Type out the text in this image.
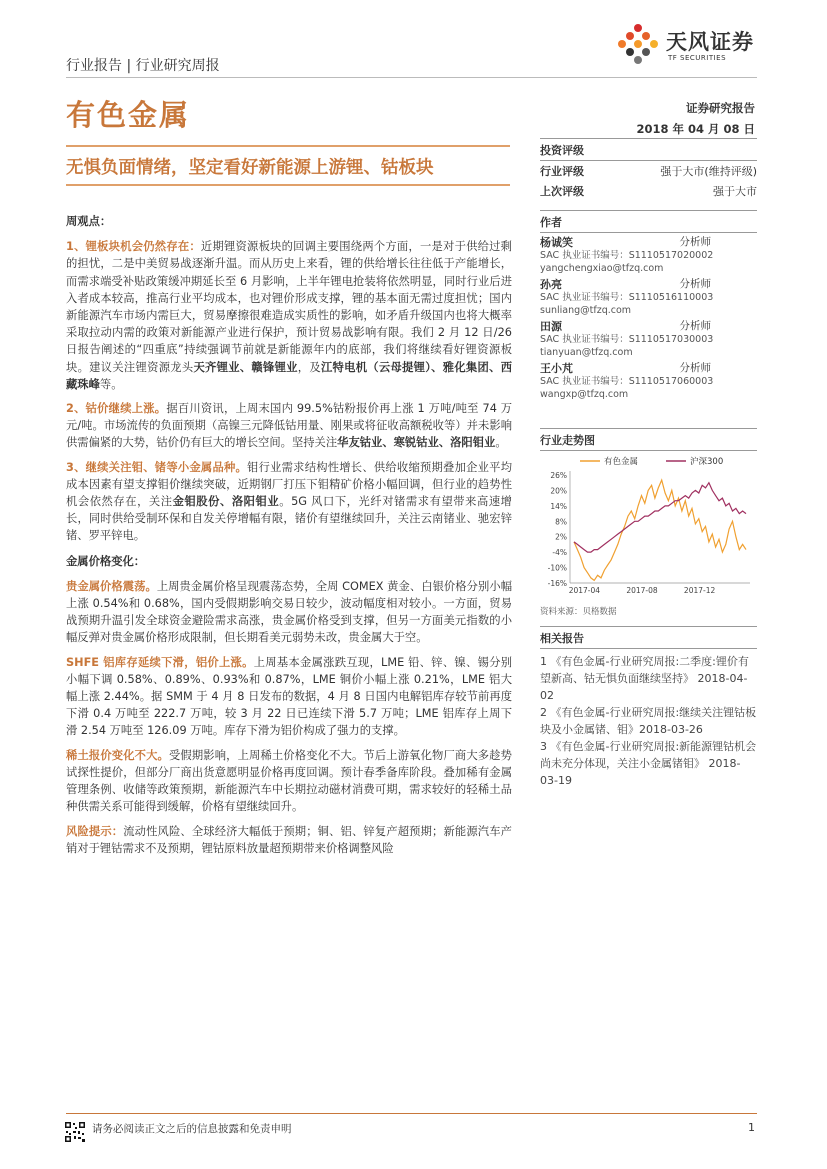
行业报告 | 行业研究周报
天风证券
TF SECURITIES
有色金属	证券研究报告
2018 年 04 月 08 日
无惧负面情绪，坚定看好新能源上游锂、钴板块
周观点：

1、锂板块机会仍然存在：近期锂资源板块的回调主要围绕两个方面，一是对于供给过剩的担忧，二是中美贸易战逐渐升温。而从历史上来看，锂的供给增长往往低于产能增长，而需求端受补贴政策缓冲期延长至 6 月影响，上半年锂电抢装将依然明显，同时行业后进入者成本较高，推高行业平均成本，也对锂价形成支撑，锂的基本面无需过度担忧；国内新能源汽车市场内需巨大，贸易摩擦很难造成实质性的影响，如矛盾升级国内也将大概率采取拉动内需的政策对新能源产业进行保护，预计贸易战影响有限。我们 2 月 12 日/26 日报告阐述的“四重底”持续强调节前就是新能源年内的底部，我们将继续看好锂资源板块。建议关注锂资源龙头天齐锂业、赣锋锂业，及江特电机（云母提锂）、雅化集团、西藏珠峰等。

2、钴价继续上涨。据百川资讯，上周末国内 99.5%钴粉报价再上涨 1 万吨/吨至 74 万元/吨。市场流传的负面预期（高镍三元降低钴用量、刚果或将征收高额税收等）并未影响供需偏紧的大势，钴价仍有巨大的增长空间。坚持关注华友钴业、寒锐钴业、洛阳钼业。

3、继续关注钼、锗等小金属品种。钼行业需求结构性增长、供给收缩预期叠加企业平均成本因素有望支撑钼价继续突破，近期钢厂打压下钼精矿价格小幅回调，但行业的趋势性机会依然存在，关注金钼股份、洛阳钼业。5G 风口下，光纤对锗需求有望带来高速增长，同时供给受制环保和自发关停增幅有限，锗价有望继续回升，关注云南锗业、驰宏锌锗、罗平锌电。

金属价格变化：

贵金属价格震荡。上周贵金属价格呈现震荡态势，全周 COMEX 黄金、白银价格分别小幅上涨 0.54%和 0.68%，国内受假期影响交易日较少，波动幅度相对较小。一方面，贸易战预期升温引发全球资金避险需求高涨，贵金属价格受到支撑，但另一方面美元指数的小幅反弹对贵金属价格形成限制，但长期看美元弱势未改，贵金属大于空。

SHFE 铝库存延续下滑，铝价上涨。上周基本金属涨跌互现，LME 铅、锌、镍、锡分别小幅下调 0.58%、0.89%、0.93%和 0.87%，LME 铜价小幅上涨 0.21%，LME 铝大幅上涨 2.44%。据 SMM 于 4 月 8 日发布的数据，4 月 8 日国内电解铝库存较节前再度下滑 0.4 万吨至 222.7 万吨，较 3 月 22 日已连续下滑 5.7 万吨；LME 铝库存上周下滑 2.54 万吨至 126.09 万吨。库存下滑为铝价构成了强力的支撑。

稀土报价变化不大。受假期影响，上周稀土价格变化不大。节后上游氧化物厂商大多趁势试探性提价，但部分厂商出货意愿明显价格再度回调。预计春季备库阶段。叠加稀有金属管理条例、收储等政策预期，新能源汽车中长期拉动磁材消费可期，需求较好的轻稀土品种供需关系可能得到缓解，价格有望继续回升。

风险提示：流动性风险、全球经济大幅低于预期；铜、铝、锌复产超预期；新能源汽车产销对于锂钴需求不及预期，锂钴原料放量超预期带来价格调整风险

投资评级
行业评级	强于大市(维持评级)
上次评级	强于大市
作者
杨诚笑	分析师
SAC 执业证书编号：S1110517020002
yangchengxiao@tfzq.com
孙亮	分析师
SAC 执业证书编号：S1110516110003
sunliang@tfzq.com
田源	分析师
SAC 执业证书编号：S1110517030003
tianyuan@tfzq.com
王小芃	分析师
SAC 执业证书编号：S1110517060003
wangxp@tfzq.com
行业走势图
有色金属	沪深300
26%
20%
14%
8%
2%
-4%
-10%
-16%
2017-04	2017-08	2017-12
资料来源：贝格数据
相关报告
1 《有色金属-行业研究周报:二季度:锂价有望新高、钴无惧负面继续坚持》 2018-04-02
2 《有色金属-行业研究周报:继续关注锂钴板块及小金属锗、钼》2018-03-26
3 《有色金属-行业研究周报:新能源锂钴机会尚未充分体现，关注小金属锗钼》 2018-03-19
请务必阅读正文之后的信息披露和免责申明	1
